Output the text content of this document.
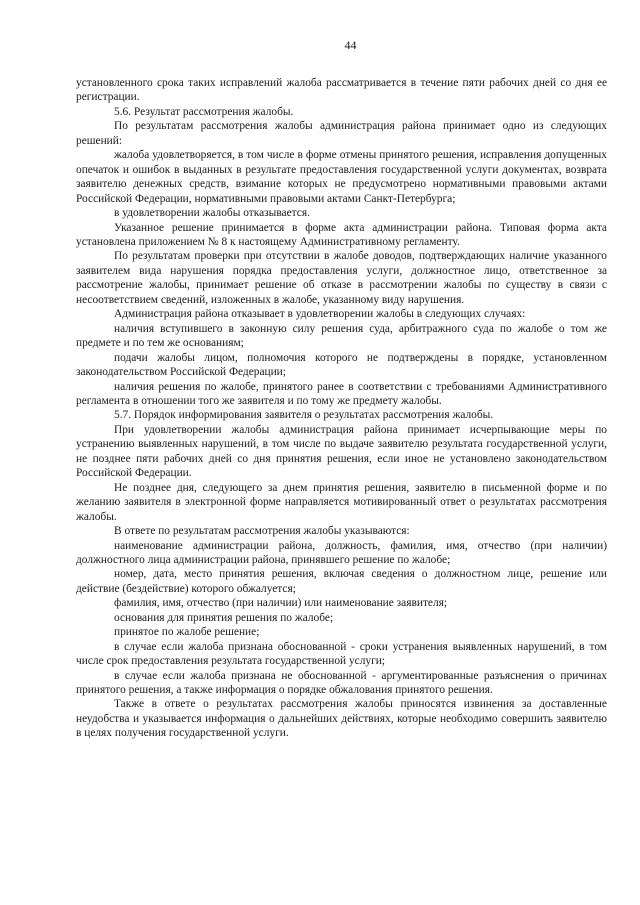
44

установленного срока таких исправлений жалоба рассматривается в течение пяти рабочих дней со дня ее регистрации.

5.6. Результат рассмотрения жалобы.

По результатам рассмотрения жалобы администрация района принимает одно из следующих решений:

жалоба удовлетворяется, в том числе в форме отмены принятого решения, исправления допущенных опечаток и ошибок в выданных в результате предоставления государственной услуги документах, возврата заявителю денежных средств, взимание которых не предусмотрено нормативными правовыми актами Российской Федерации, нормативными правовыми актами Санкт-Петербурга;

в удовлетворении жалобы отказывается.

Указанное решение принимается в форме акта администрации района. Типовая форма акта установлена приложением № 8 к настоящему Административному регламенту.

По результатам проверки при отсутствии в жалобе доводов, подтверждающих наличие указанного заявителем вида нарушения порядка предоставления услуги, должностное лицо, ответственное за рассмотрение жалобы, принимает решение об отказе в рассмотрении жалобы по существу в связи с несоответствием сведений, изложенных в жалобе, указанному виду нарушения.

Администрация района отказывает в удовлетворении жалобы в следующих случаях:

наличия вступившего в законную силу решения суда, арбитражного суда по жалобе о том же предмете и по тем же основаниям;

подачи жалобы лицом, полномочия которого не подтверждены в порядке, установленном законодательством Российской Федерации;

наличия решения по жалобе, принятого ранее в соответствии с требованиями Административного регламента в отношении того же заявителя и по тому же предмету жалобы.

5.7. Порядок информирования заявителя о результатах рассмотрения жалобы.

При удовлетворении жалобы администрация района принимает исчерпывающие меры по устранению выявленных нарушений, в том числе по выдаче заявителю результата государственной услуги, не позднее пяти рабочих дней со дня принятия решения, если иное не установлено законодательством Российской Федерации.

Не позднее дня, следующего за днем принятия решения, заявителю в письменной форме и по желанию заявителя в электронной форме направляется мотивированный ответ о результатах рассмотрения жалобы.

В ответе по результатам рассмотрения жалобы указываются:

наименование администрации района, должность, фамилия, имя, отчество (при наличии) должностного лица администрации района, принявшего решение по жалобе;

номер, дата, место принятия решения, включая сведения о должностном лице, решение или действие (бездействие) которого обжалуется;

фамилия, имя, отчество (при наличии) или наименование заявителя;

основания для принятия решения по жалобе;

принятое по жалобе решение;

в случае если жалоба признана обоснованной - сроки устранения выявленных нарушений, в том числе срок предоставления результата государственной услуги;

в случае если жалоба признана не обоснованной - аргументированные разъяснения о причинах принятого решения, а также информация о порядке обжалования принятого решения.

Также в ответе о результатах рассмотрения жалобы приносятся извинения за доставленные неудобства и указывается информация о дальнейших действиях, которые необходимо совершить заявителю в целях получения государственной услуги.
